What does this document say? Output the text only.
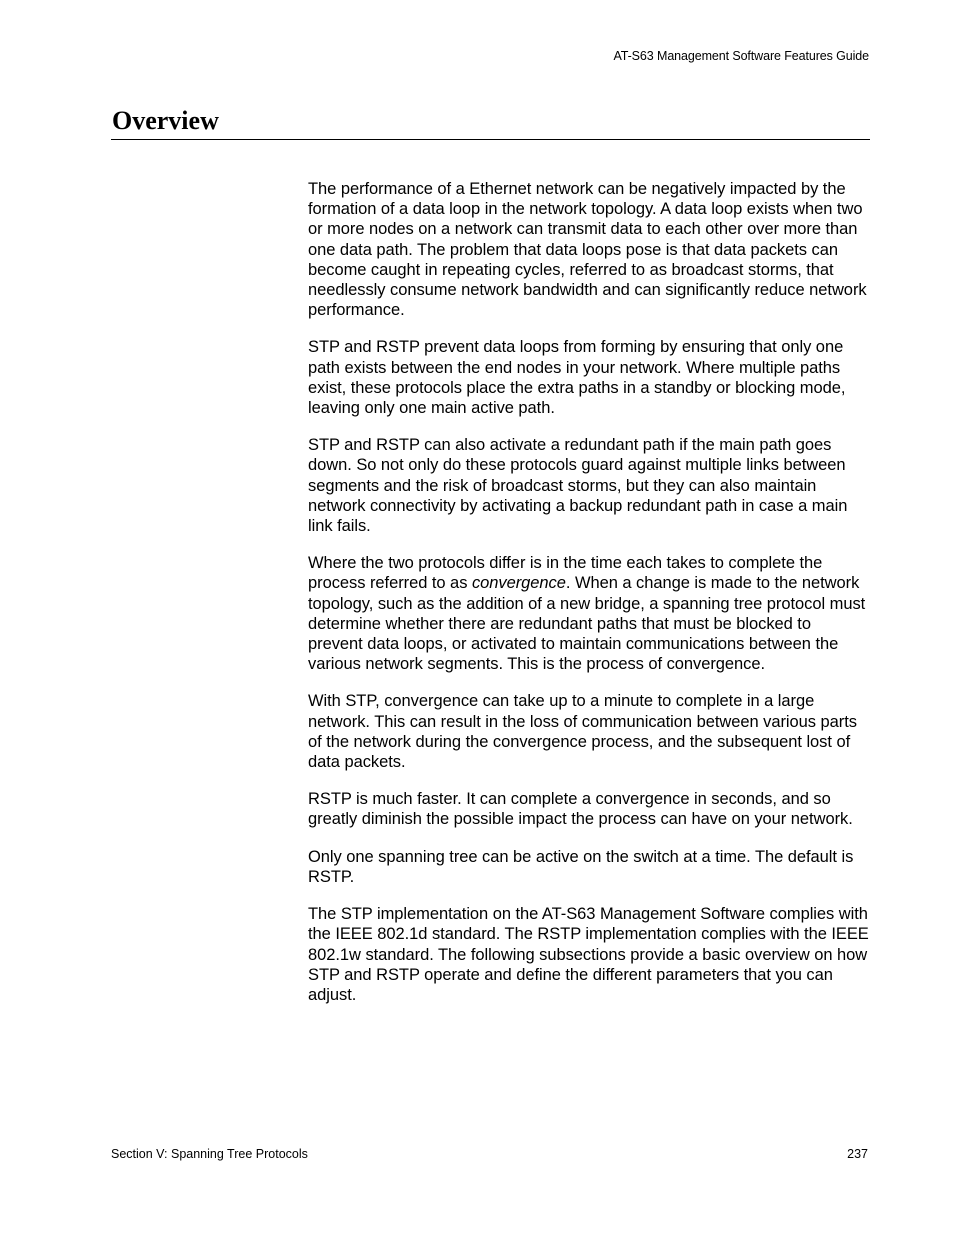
AT-S63 Management Software Features Guide
Overview

The performance of a Ethernet network can be negatively impacted by the formation of a data loop in the network topology. A data loop exists when two or more nodes on a network can transmit data to each other over more than one data path. The problem that data loops pose is that data packets can become caught in repeating cycles, referred to as broadcast storms, that needlessly consume network bandwidth and can significantly reduce network performance.

STP and RSTP prevent data loops from forming by ensuring that only one path exists between the end nodes in your network. Where multiple paths exist, these protocols place the extra paths in a standby or blocking mode, leaving only one main active path.

STP and RSTP can also activate a redundant path if the main path goes down. So not only do these protocols guard against multiple links between segments and the risk of broadcast storms, but they can also maintain network connectivity by activating a backup redundant path in case a main link fails.

Where the two protocols differ is in the time each takes to complete the process referred to as convergence. When a change is made to the network topology, such as the addition of a new bridge, a spanning tree protocol must determine whether there are redundant paths that must be blocked to prevent data loops, or activated to maintain communications between the various network segments. This is the process of convergence.

With STP, convergence can take up to a minute to complete in a large network. This can result in the loss of communication between various parts of the network during the convergence process, and the subsequent lost of data packets.

RSTP is much faster. It can complete a convergence in seconds, and so greatly diminish the possible impact the process can have on your network.

Only one spanning tree can be active on the switch at a time. The default is RSTP.

The STP implementation on the AT-S63 Management Software complies with the IEEE 802.1d standard. The RSTP implementation complies with the IEEE 802.1w standard. The following subsections provide a basic overview on how STP and RSTP operate and define the different parameters that you can adjust.

Section V: Spanning Tree Protocols	237
